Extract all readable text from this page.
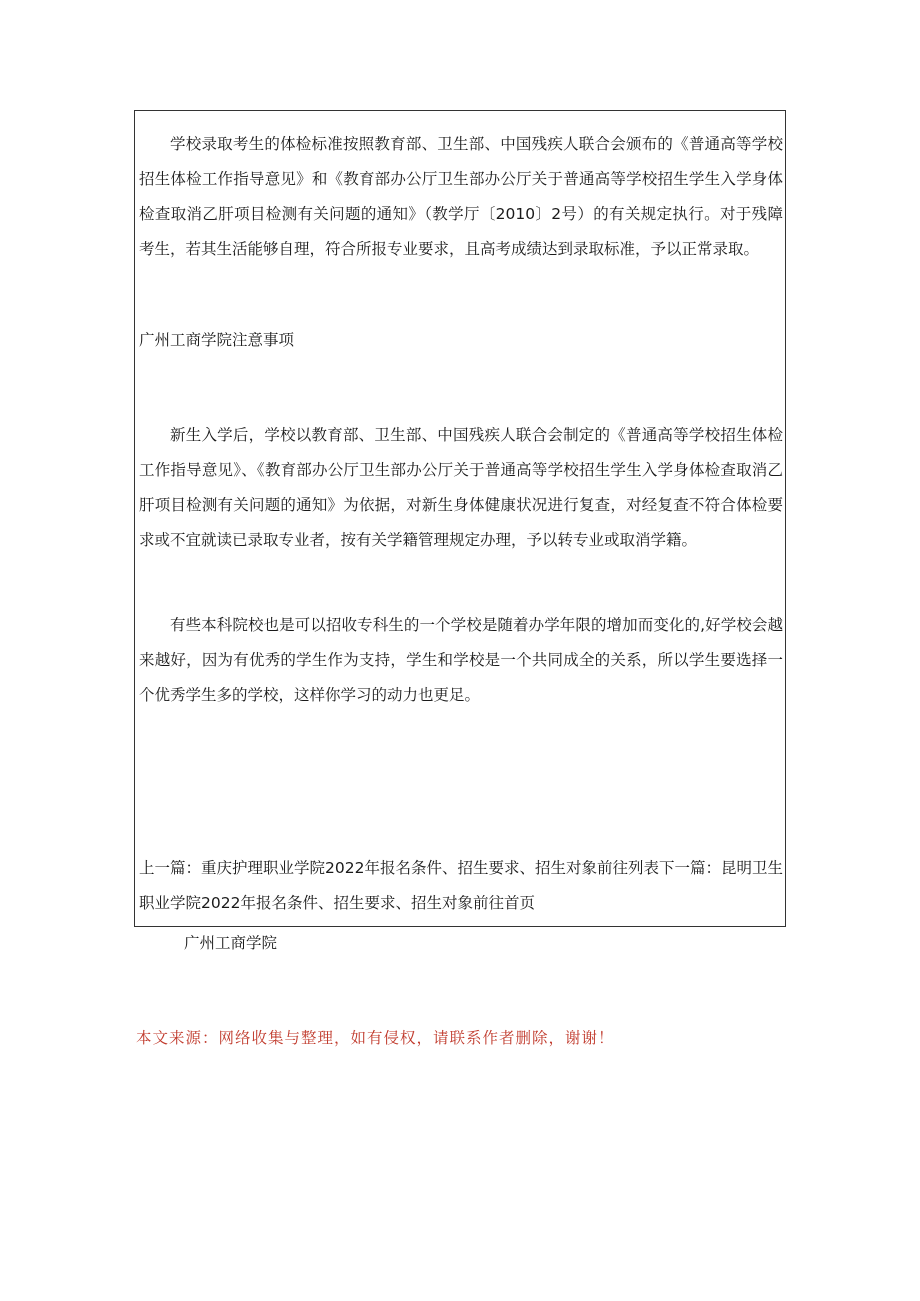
学校录取考生的体检标准按照教育部、卫生部、中国残疾人联合会颁布的《普通高等学校招生体检工作指导意见》和《教育部办公厅卫生部办公厅关于普通高等学校招生学生入学身体检查取消乙肝项目检测有关问题的通知》（教学厅〔2010〕2号）的有关规定执行。对于残障考生，若其生活能够自理，符合所报专业要求，且高考成绩达到录取标准，予以正常录取。

广州工商学院注意事项

新生入学后，学校以教育部、卫生部、中国残疾人联合会制定的《普通高等学校招生体检工作指导意见》、《教育部办公厅卫生部办公厅关于普通高等学校招生学生入学身体检查取消乙肝项目检测有关问题的通知》为依据，对新生身体健康状况进行复查，对经复查不符合体检要求或不宜就读已录取专业者，按有关学籍管理规定办理，予以转专业或取消学籍。

有些本科院校也是可以招收专科生的一个学校是随着办学年限的增加而变化的,好学校会越来越好，因为有优秀的学生作为支持，学生和学校是一个共同成全的关系，所以学生要选择一个优秀学生多的学校，这样你学习的动力也更足。

上一篇：重庆护理职业学院2022年报名条件、招生要求、招生对象前往列表下一篇：昆明卫生职业学院2022年报名条件、招生要求、招生对象前往首页

广州工商学院
本文来源：网络收集与整理，如有侵权，请联系作者删除，谢谢！
